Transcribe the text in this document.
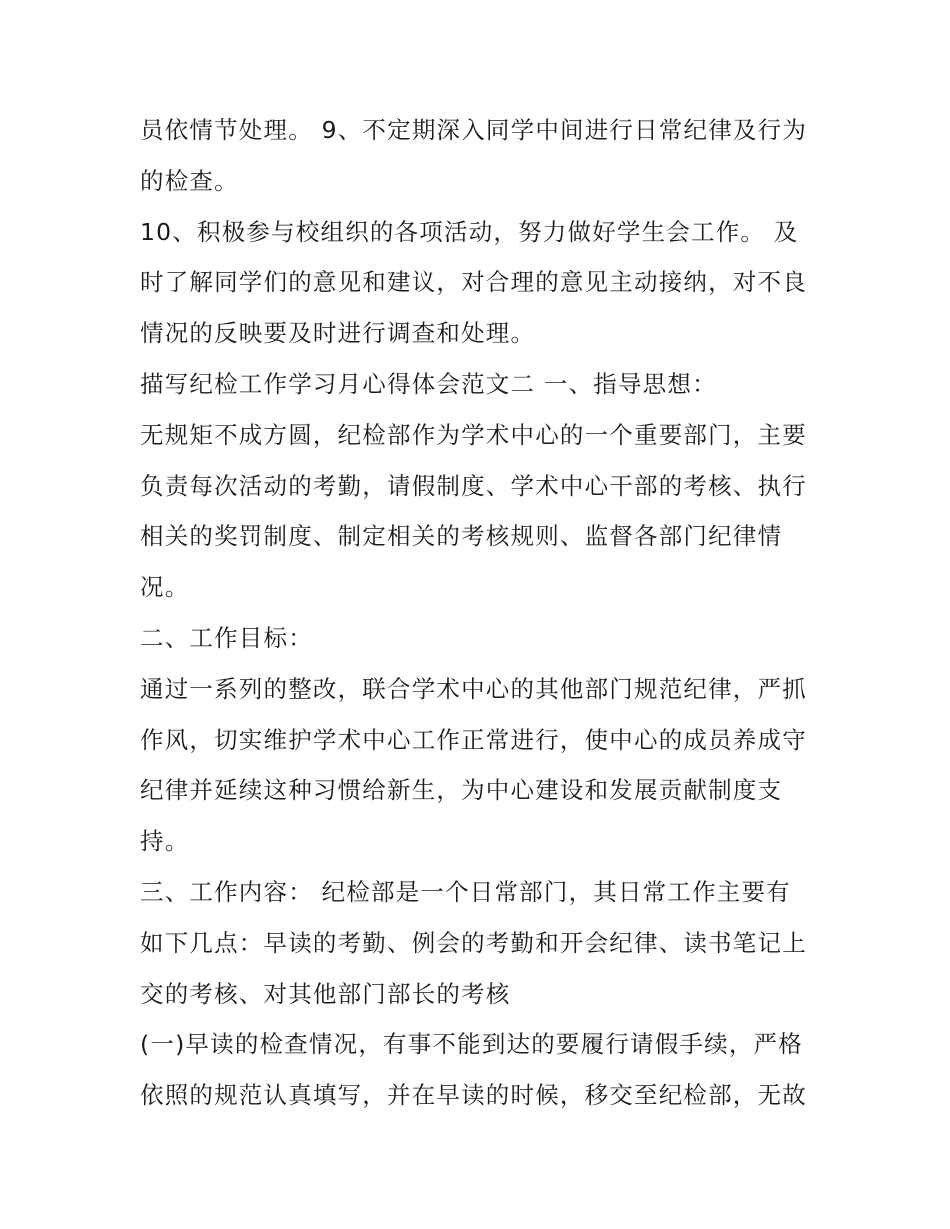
员依情节处理。 9、不定期深入同学中间进行日常纪律及行为
的检查。
10、积极参与校组织的各项活动，努力做好学生会工作。 及
时了解同学们的意见和建议，对合理的意见主动接纳，对不良
情况的反映要及时进行调查和处理。
描写纪检工作学习月心得体会范文二 一、指导思想：
无规矩不成方圆，纪检部作为学术中心的一个重要部门，主要
负责每次活动的考勤，请假制度、学术中心干部的考核、执行
相关的奖罚制度、制定相关的考核规则、监督各部门纪律情
况。
二、工作目标：
通过一系列的整改，联合学术中心的其他部门规范纪律，严抓
作风，切实维护学术中心工作正常进行，使中心的成员养成守
纪律并延续这种习惯给新生，为中心建设和发展贡献制度支
持。
三、工作内容： 纪检部是一个日常部门，其日常工作主要有
如下几点：早读的考勤、例会的考勤和开会纪律、读书笔记上
交的考核、对其他部门部长的考核
(一)早读的检查情况，有事不能到达的要履行请假手续，严格
依照的规范认真填写，并在早读的时候，移交至纪检部，无故
